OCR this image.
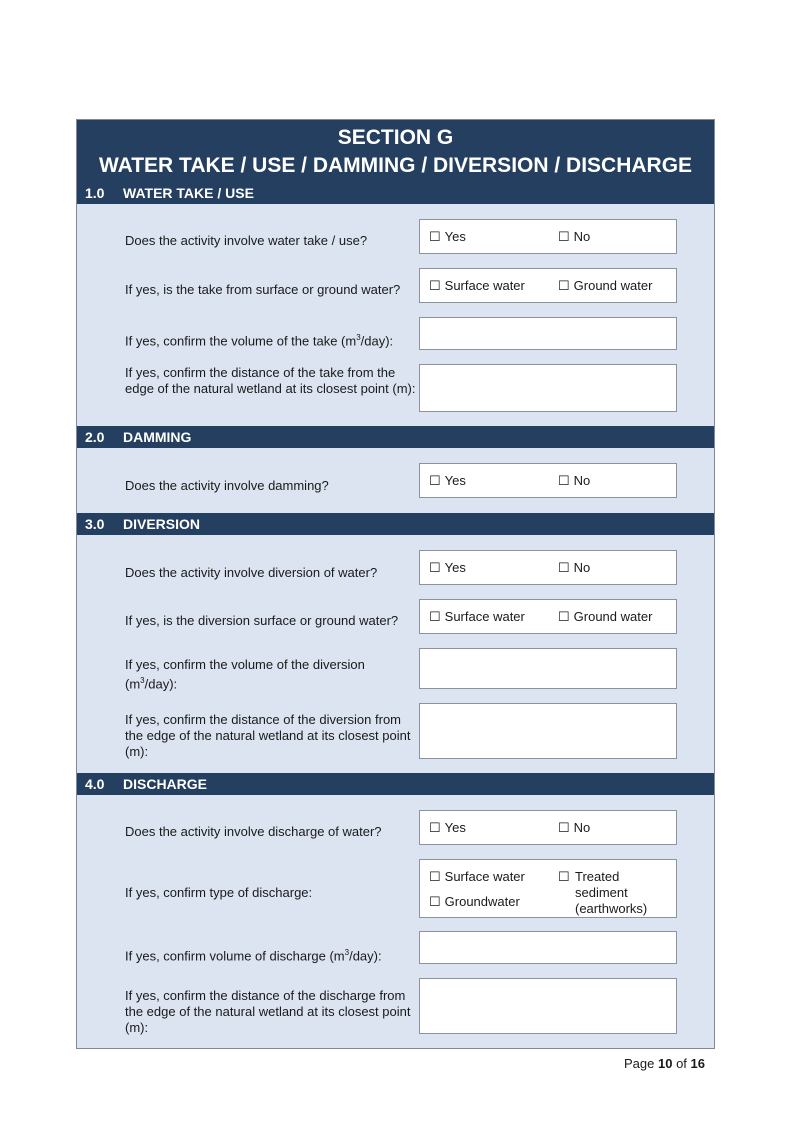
SECTION G
WATER TAKE / USE / DAMMING / DIVERSION / DISCHARGE
1.0 WATER TAKE / USE
Does the activity involve water take / use?	☐ Yes	☐ No
If yes, is the take from surface or ground water?	☐ Surface water	☐ Ground water
If yes, confirm the volume of the take $(m^3/day)$:
If yes, confirm the distance of the take from the edge of the natural wetland at its closest point (m):
2.0 DAMMING
Does the activity involve damming?	☐ Yes	☐ No
3.0 DIVERSION
Does the activity involve diversion of water?	☐ Yes	☐ No
If yes, is the diversion surface or ground water?	☐ Surface water	☐ Ground water
If yes, confirm the volume of the diversion $(m^3/day)$:
If yes, confirm the distance of the diversion from the edge of the natural wetland at its closest point (m):
4.0 DISCHARGE
Does the activity involve discharge of water?	☐ Yes	☐ No
If yes, confirm type of discharge:
☐ Surface water
☐ Groundwater
☐ Treated sediment (earthworks)
If yes, confirm volume of discharge $(m^3/day)$:
If yes, confirm the distance of the discharge from the edge of the natural wetland at its closest point (m):
Page 10 of 16
